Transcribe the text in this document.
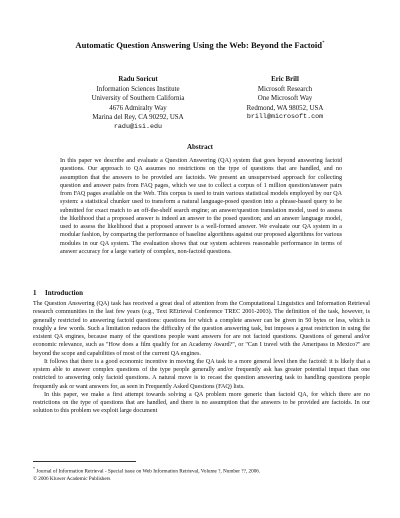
Automatic Question Answering Using the Web: Beyond the Factoid*
Radu Soricut
Information Sciences Institute
University of Southern California
4676 Admiralty Way
Marina del Rey, CA 90292, USA
radu@isi.edu
Eric Brill
Microsoft Research
One Microsoft Way
Redmond, WA 98052, USA
brill@microsoft.com
Abstract
In this paper we describe and evaluate a Question Answering (QA) system that goes beyond answering factoid questions. Our approach to QA assumes no restrictions on the type of questions that are handled, and no assumption that the answers to be provided are factoids. We present an unsupervised approach for collecting question and answer pairs from FAQ pages, which we use to collect a corpus of 1 million question/answer pairs from FAQ pages available on the Web. This corpus is used to train various statistical models employed by our QA system: a statistical chunker used to transform a natural language-posed question into a phrase-based query to be submitted for exact match to an off-the-shelf search engine; an answer/question translation model, used to assess the likelihood that a proposed answer is indeed an answer to the posed question; and an answer language model, used to assess the likelihood that a proposed answer is a well-formed answer. We evaluate our QA system in a modular fashion, by comparing the performance of baseline algorithms against our proposed algorithms for various modules in our QA system. The evaluation shows that our system achieves reasonable performance in terms of answer accuracy for a large variety of complex, non-factoid questions.
1 Introduction

The Question Answering (QA) task has received a great deal of attention from the Computational Linguistics and Information Retrieval research communities in the last few years (e.g., Text REtrieval Conference TREC 2001-2003). The definition of the task, however, is generally restricted to answering factoid questions: questions for which a complete answer can be given in 50 bytes or less, which is roughly a few words. Such a limitation reduces the difficulty of the question answering task, but imposes a great restriction in using the existent QA engines, because many of the questions people want answers for are not factoid questions. Questions of general and/or economic relevance, such as "How does a film qualify for an Academy Award?", or "Can I travel with the Ameripass in Mexico?" are beyond the scope and capabilities of most of the current QA engines.

It follows that there is a good economic incentive in moving the QA task to a more general level then the factoid: it is likely that a system able to answer complex questions of the type people generally and/or frequently ask has greater potential impact than one restricted to answering only factoid questions. A natural move is to recast the question answering task to handling questions people frequently ask or want answers for, as seen in Frequently Asked Questions (FAQ) lists.

In this paper, we make a first attempt towards solving a QA problem more generic than factoid QA, for which there are no restrictions on the type of questions that are handled, and there is no assumption that the answers to be provided are factoids. In our solution to this problem we exploit large document

* Journal of Information Retrieval - Special issue on Web Information Retrieval, Volume ?, Number ??, 2006.
© 2006 Kluwer Academic Publishers
